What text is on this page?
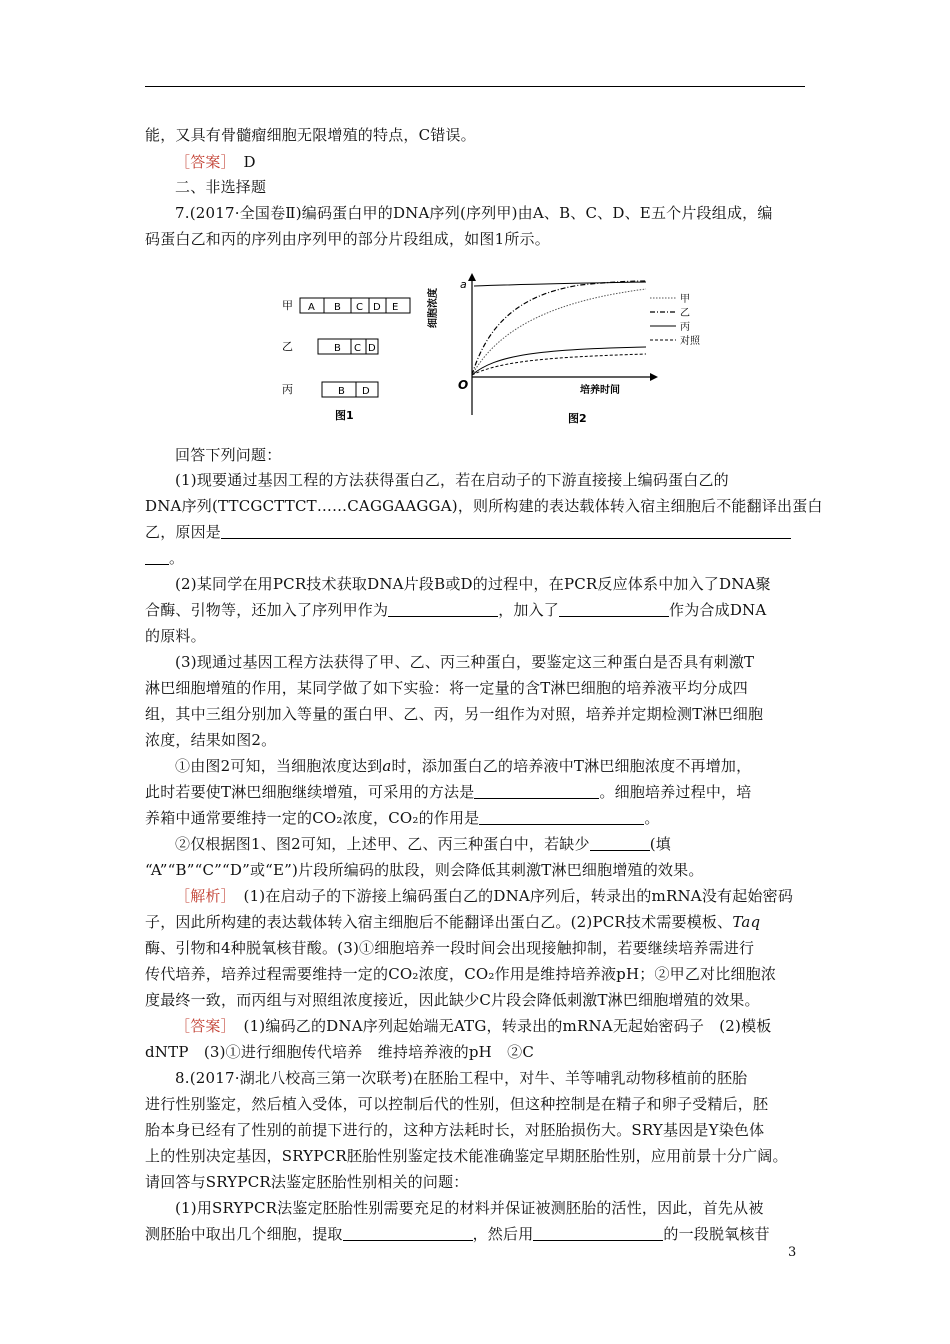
能，又具有骨髓瘤细胞无限增殖的特点，C错误。
［答案］　 D
二、非选择题
7.(2017·全国卷Ⅱ)编码蛋白甲的DNA序列(序列甲)由A、B、C、D、E五个片段组成，编
码蛋白乙和丙的序列由序列甲的部分片段组成，如图1所示。
甲 A B C D E
乙	B C D
丙	B D
图1
a
O
细胞浓度
培养时间
甲
乙
丙
对照
图2
回答下列问题：
(1)现要通过基因工程的方法获得蛋白乙，若在启动子的下游直接接上编码蛋白乙的
DNA序列(TTCGCTTCT……CAGGAAGGA)，则所构建的表达载体转入宿主细胞后不能翻译出蛋白
乙，原因是
。
(2)某同学在用PCR技术获取DNA片段B或D的过程中，在PCR反应体系中加入了DNA聚
合酶、引物等，还加入了序列甲作为	，加入了	作为合成DNA
的原料。
(3)现通过基因工程方法获得了甲、乙、丙三种蛋白，要鉴定这三种蛋白是否具有刺激T
淋巴细胞增殖的作用，某同学做了如下实验：将一定量的含T淋巴细胞的培养液平均分成四
组，其中三组分别加入等量的蛋白甲、乙、丙，另一组作为对照，培养并定期检测T淋巴细胞
浓度，结果如图2。
①由图2可知，当细胞浓度达到a时，添加蛋白乙的培养液中T淋巴细胞浓度不再增加，
此时若要使T淋巴细胞继续增殖，可采用的方法是	。细胞培养过程中，培
养箱中通常要维持一定的CO₂浓度，CO₂的作用是	。
②仅根据图1、图2可知，上述甲、乙、丙三种蛋白中，若缺少	(填
“A”“B”“C”“D”或“E”)片段所编码的肽段，则会降低其刺激T淋巴细胞增殖的效果。
［解析］　 (1)在启动子的下游接上编码蛋白乙的DNA序列后，转录出的mRNA没有起始密码
子，因此所构建的表达载体转入宿主细胞后不能翻译出蛋白乙。(2)PCR技术需要模板、Taq
酶、引物和4种脱氧核苷酸。(3)①细胞培养一段时间会出现接触抑制，若要继续培养需进行
传代培养，培养过程需要维持一定的CO₂浓度，CO₂作用是维持培养液pH；②甲乙对比细胞浓
度最终一致，而丙组与对照组浓度接近，因此缺少C片段会降低刺激T淋巴细胞增殖的效果。
［答案］　 (1)编码乙的DNA序列起始端无ATG，转录出的mRNA无起始密码子　(2)模板
dNTP　(3)①进行细胞传代培养　维持培养液的pH　②C
8.(2017·湖北八校高三第一次联考)在胚胎工程中，对牛、羊等哺乳动物移植前的胚胎
进行性别鉴定，然后植入受体，可以控制后代的性别，但这种控制是在精子和卵子受精后，胚
胎本身已经有了性别的前提下进行的，这种方法耗时长，对胚胎损伤大。SRY基因是Y染色体
上的性别决定基因，SRYPCR胚胎性别鉴定技术能准确鉴定早期胚胎性别，应用前景十分广阔。
请回答与SRYPCR法鉴定胚胎性别相关的问题：
(1)用SRYPCR法鉴定胚胎性别需要充足的材料并保证被测胚胎的活性，因此，首先从被
测胚胎中取出几个细胞，提取	，然后用	的一段脱氧核苷
3
